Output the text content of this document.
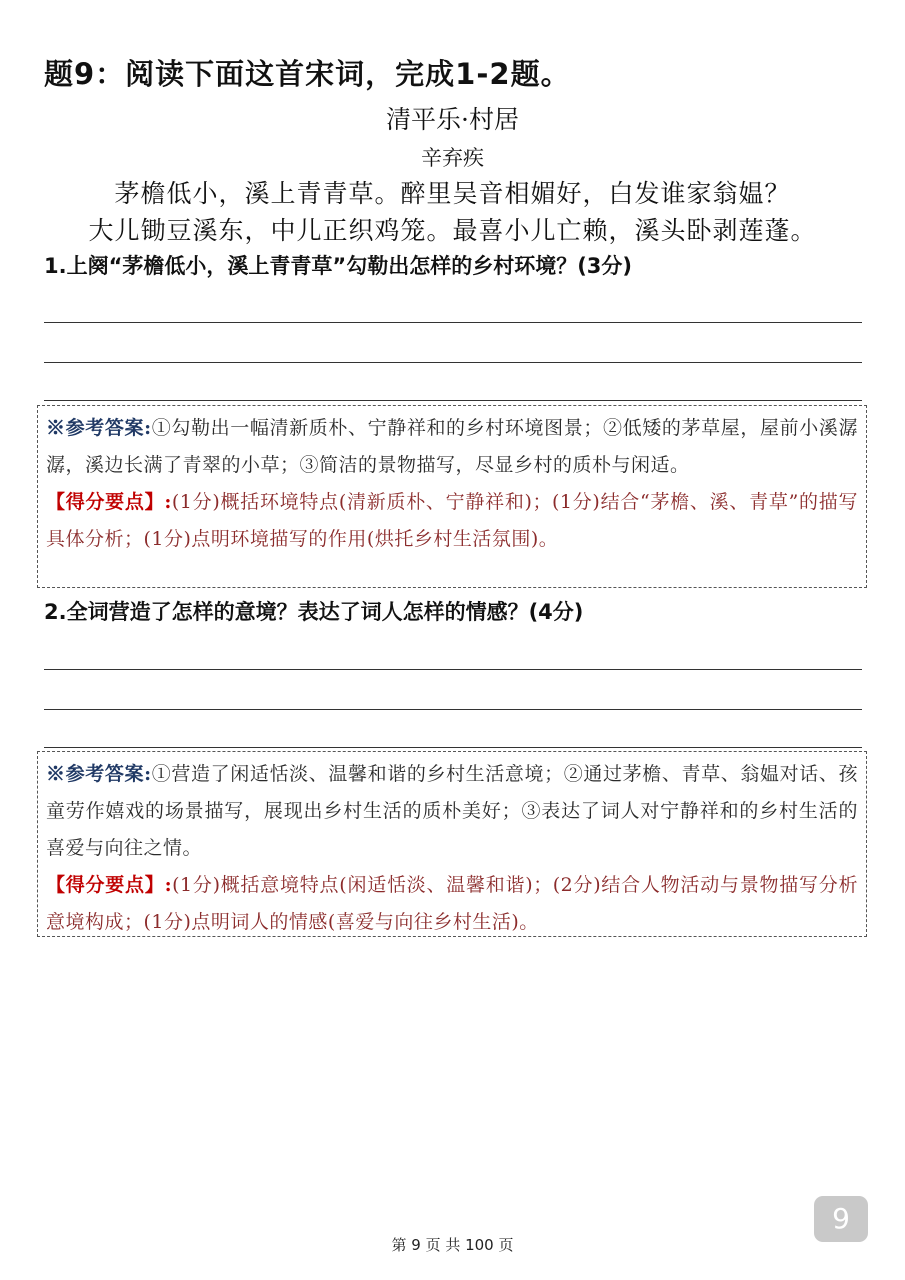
题9：阅读下面这首宋词，完成1-2题。
清平乐·村居
辛弃疾
茅檐低小，溪上青青草。醉里吴音相媚好，白发谁家翁媪？
大儿锄豆溪东，中儿正织鸡笼。最喜小儿亡赖，溪头卧剥莲蓬。
1.上阕“茅檐低小，溪上青青草”勾勒出怎样的乡村环境？(3分)
※参考答案:①勾勒出一幅清新质朴、宁静祥和的乡村环境图景；②低矮的茅草屋，屋前小溪潺潺，溪边长满了青翠的小草；③简洁的景物描写，尽显乡村的质朴与闲适。
【得分要点】:(1分)概括环境特点(清新质朴、宁静祥和)；(1分)结合“茅檐、溪、青草”的描写具体分析；(1分)点明环境描写的作用(烘托乡村生活氛围)。
2.全词营造了怎样的意境？表达了词人怎样的情感？(4分)
※参考答案:①营造了闲适恬淡、温馨和谐的乡村生活意境；②通过茅檐、青草、翁媪对话、孩童劳作嬉戏的场景描写，展现出乡村生活的质朴美好；③表达了词人对宁静祥和的乡村生活的喜爱与向往之情。
【得分要点】:(1分)概括意境特点(闲适恬淡、温馨和谐)；(2分)结合人物活动与景物描写分析意境构成；(1分)点明词人的情感(喜爱与向往乡村生活)。
9
第 9 页 共 100 页
